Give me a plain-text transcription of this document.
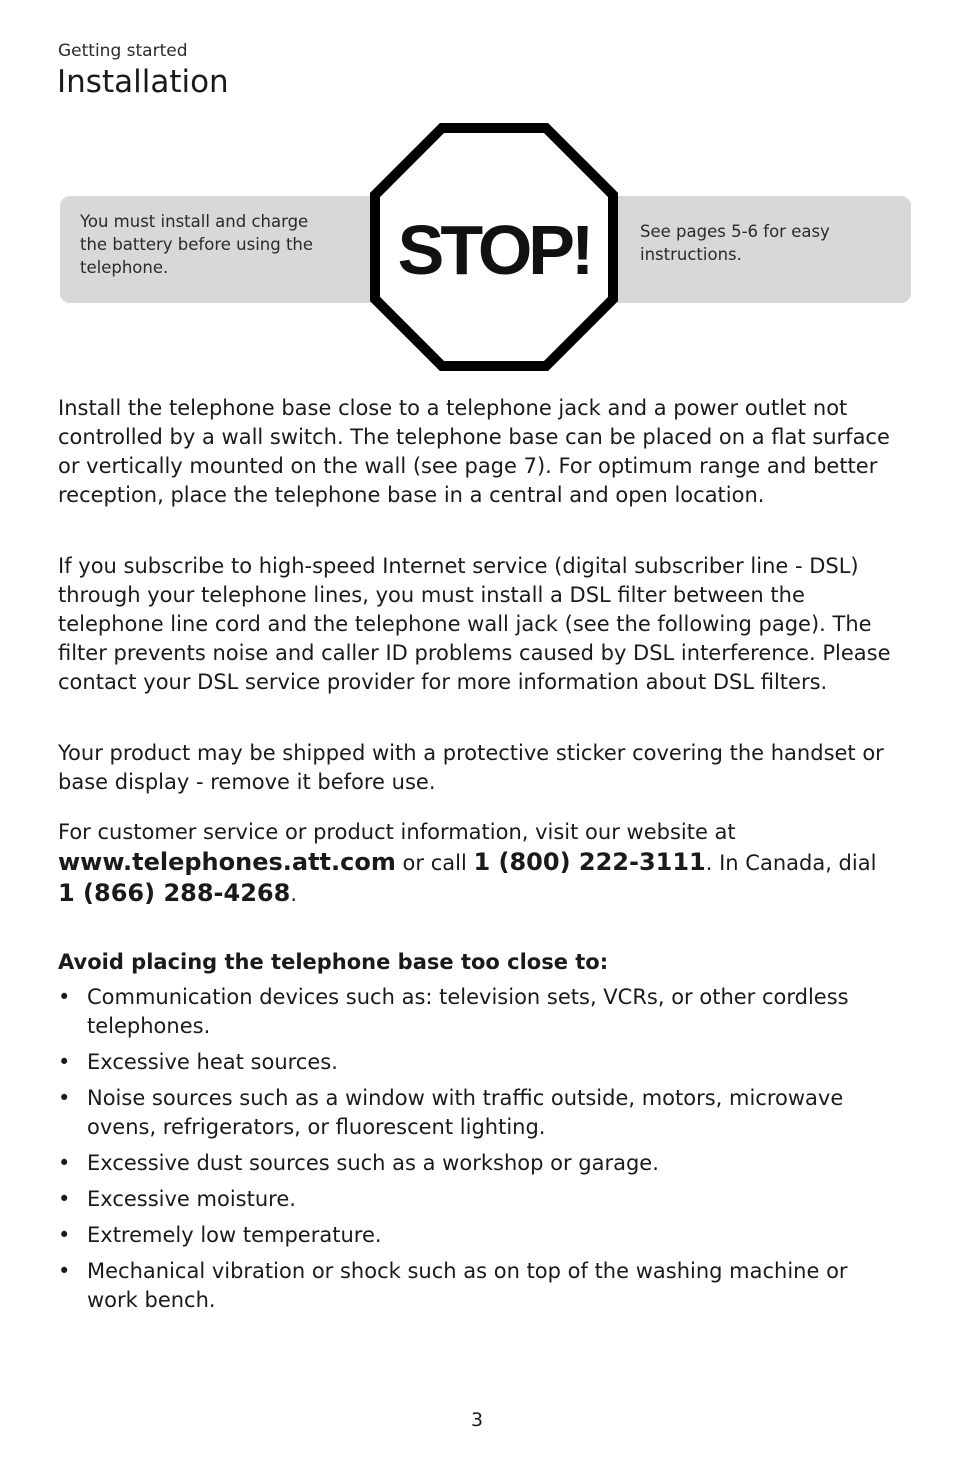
Getting started
Installation
You must install and charge the battery before using the telephone.
See pages 5-6 for easy instructions.
STOP!

Install the telephone base close to a telephone jack and a power outlet not controlled by a wall switch. The telephone base can be placed on a flat surface or vertically mounted on the wall (see page 7). For optimum range and better reception, place the telephone base in a central and open location.

If you subscribe to high-speed Internet service (digital subscriber line - DSL) through your telephone lines, you must install a DSL filter between the telephone line cord and the telephone wall jack (see the following page). The filter prevents noise and caller ID problems caused by DSL interference. Please contact your DSL service provider for more information about DSL filters.

Your product may be shipped with a protective sticker covering the handset or base display - remove it before use.

For customer service or product information, visit our website at
www.telephones.att.com or call 1 (800) 222-3111. In Canada, dial
1 (866) 288-4268.

Avoid placing the telephone base too close to:
• Communication devices such as: television sets, VCRs, or other cordless telephones.
• Excessive heat sources.
• Noise sources such as a window with traffic outside, motors, microwave ovens, refrigerators, or fluorescent lighting.
• Excessive dust sources such as a workshop or garage.
• Excessive moisture.
• Extremely low temperature.
• Mechanical vibration or shock such as on top of the washing machine or work bench.
3
